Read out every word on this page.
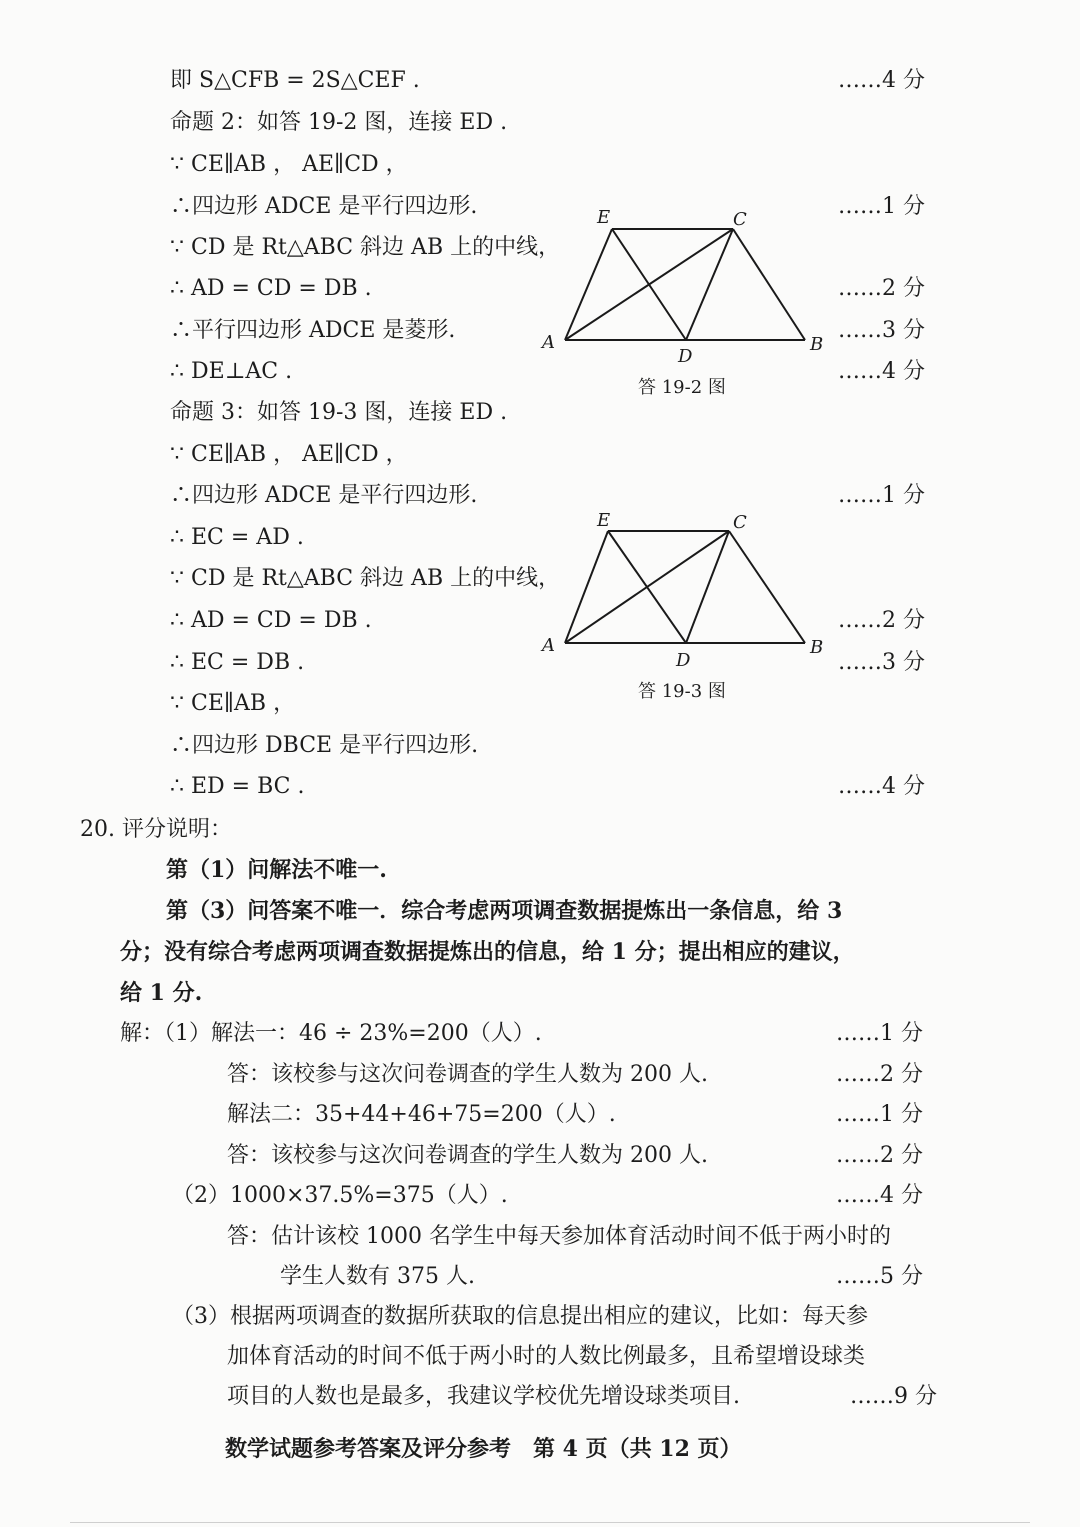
即 S△CFB = 2S△CEF .	……4 分
命题 2：如答 19-2 图，连接 ED .
∵ CE∥AB ， AE∥CD ，
∴四边形 ADCE 是平行四边形.	……1 分
∵ CD 是 Rt△ABC 斜边 AB 上的中线，
∴ AD = CD = DB .	……2 分
∴平行四边形 ADCE 是菱形.	……3 分
∴ DE⊥AC .	……4 分
E	C
A	B
D
答 19-2 图
命题 3：如答 19-3 图，连接 ED .
∵ CE∥AB ， AE∥CD ，
∴四边形 ADCE 是平行四边形.	……1 分
∴ EC = AD .
∵ CD 是 Rt△ABC 斜边 AB 上的中线，
∴ AD = CD = DB .	……2 分
∴ EC = DB .	……3 分
∵ CE∥AB ，
∴四边形 DBCE 是平行四边形.
∴ ED = BC .	……4 分
E	C
A	B
D
答 19-3 图
20. 评分说明：
第（1）问解法不唯一.
第（3）问答案不唯一．综合考虑两项调查数据提炼出一条信息，给 3
分；没有综合考虑两项调查数据提炼出的信息，给 1 分；提出相应的建议，
给 1 分.
解：（1）解法一：46 ÷ 23%=200（人）.	……1 分
答：该校参与这次问卷调查的学生人数为 200 人.	……2 分
解法二：35+44+46+75=200（人）.	……1 分
答：该校参与这次问卷调查的学生人数为 200 人.	……2 分
（2）1000×37.5%=375（人）.	……4 分
答：估计该校 1000 名学生中每天参加体育活动时间不低于两小时的
学生人数有 375 人.	……5 分
（3）根据两项调查的数据所获取的信息提出相应的建议，比如：每天参
加体育活动的时间不低于两小时的人数比例最多，且希望增设球类
项目的人数也是最多，我建议学校优先增设球类项目.	……9 分
数学试题参考答案及评分参考　第 4 页（共 12 页）
